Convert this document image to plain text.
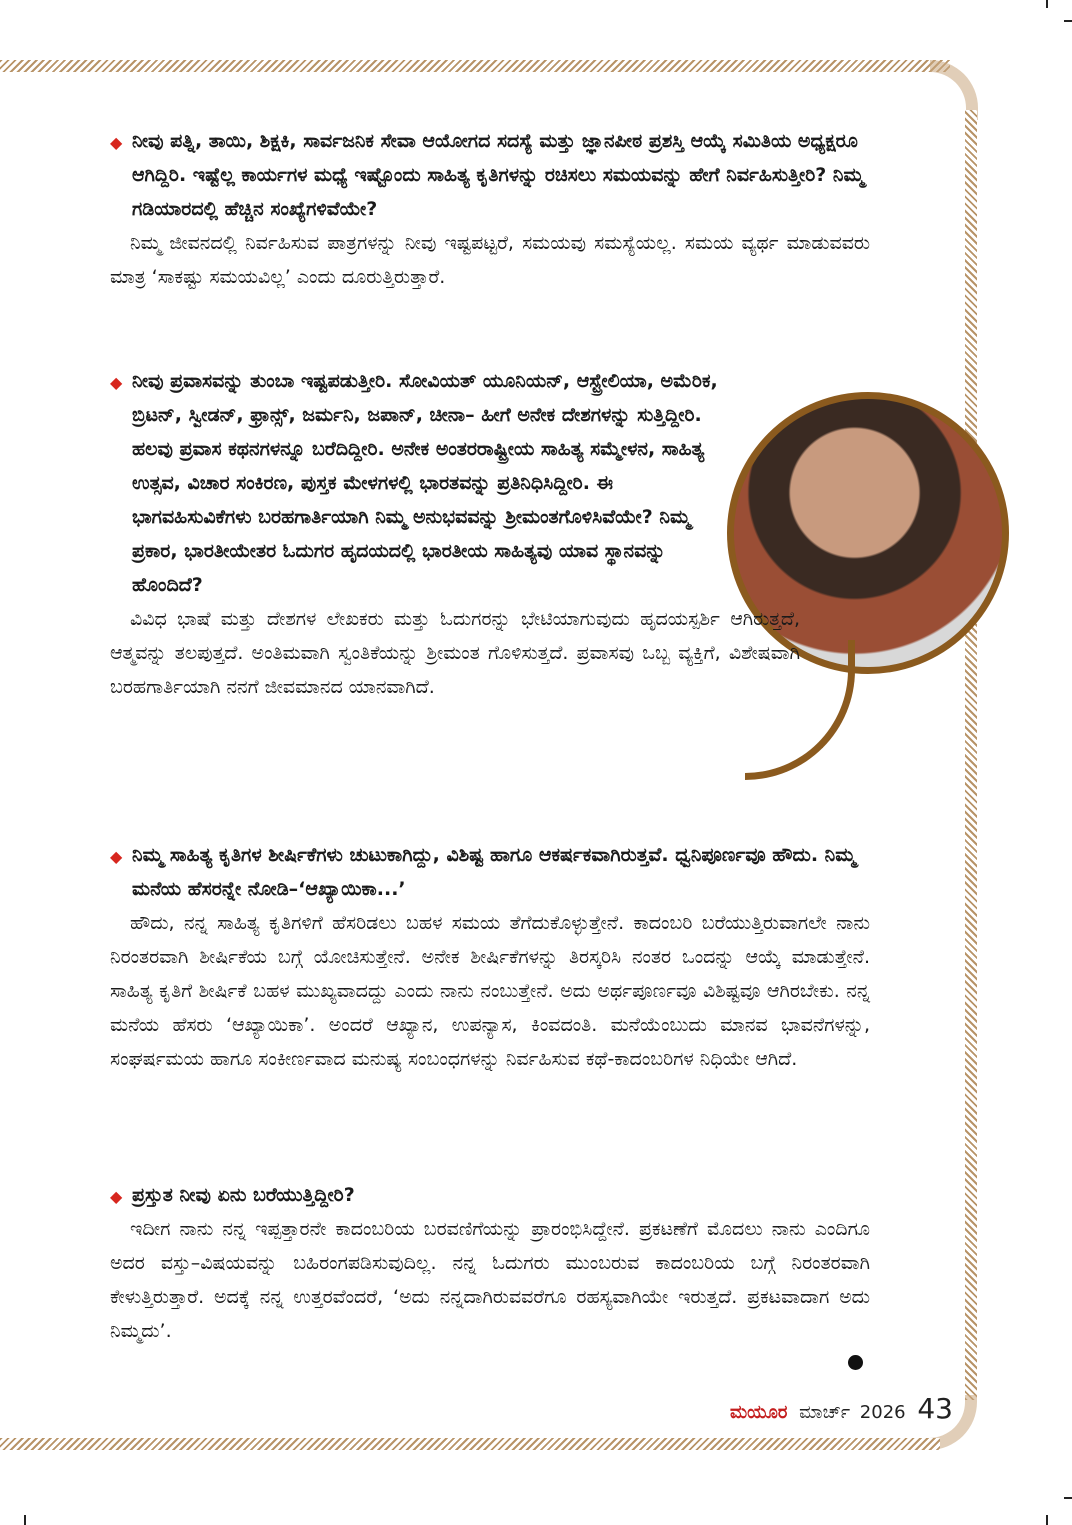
◆ ನೀವು ಪತ್ನಿ, ತಾಯಿ, ಶಿಕ್ಷಕಿ, ಸಾರ್ವಜನಿಕ ಸೇವಾ ಆಯೋಗದ ಸದಸ್ಯೆ ಮತ್ತು ಜ್ಞಾನಪೀಠ ಪ್ರಶಸ್ತಿ ಆಯ್ಕೆ ಸಮಿತಿಯ ಅಧ್ಯಕ್ಷರೂ ಆಗಿದ್ದಿರಿ. ಇಷ್ಟೆಲ್ಲ ಕಾರ್ಯಗಳ ಮಧ್ಯೆ ಇಷ್ಟೊಂದು ಸಾಹಿತ್ಯ ಕೃತಿಗಳನ್ನು ರಚಿಸಲು ಸಮಯವನ್ನು ಹೇಗೆ ನಿರ್ವಹಿಸುತ್ತೀರಿ? ನಿಮ್ಮ ಗಡಿಯಾರದಲ್ಲಿ ಹೆಚ್ಚಿನ ಸಂಖ್ಯೆಗಳಿವೆಯೇ?

ನಿಮ್ಮ ಜೀವನದಲ್ಲಿ ನಿರ್ವಹಿಸುವ ಪಾತ್ರಗಳನ್ನು ನೀವು ಇಷ್ಟಪಟ್ಟರೆ, ಸಮಯವು ಸಮಸ್ಯೆಯಲ್ಲ. ಸಮಯ ವ್ಯರ್ಥ ಮಾಡುವವರು ಮಾತ್ರ ‘ಸಾಕಷ್ಟು ಸಮಯವಿಲ್ಲ’ ಎಂದು ದೂರುತ್ತಿರುತ್ತಾರೆ.

◆ ನೀವು ಪ್ರವಾಸವನ್ನು ತುಂಬಾ ಇಷ್ಟಪಡುತ್ತೀರಿ. ಸೋವಿಯತ್ ಯೂನಿಯನ್, ಆಸ್ಟ್ರೇಲಿಯಾ, ಅಮೆರಿಕ, ಬ್ರಿಟನ್, ಸ್ವೀಡನ್, ಫ್ರಾನ್ಸ್, ಜರ್ಮನಿ, ಜಪಾನ್, ಚೀನಾ– ಹೀಗೆ ಅನೇಕ ದೇಶಗಳನ್ನು ಸುತ್ತಿದ್ದೀರಿ. ಹಲವು ಪ್ರವಾಸ ಕಥನಗಳನ್ನೂ ಬರೆದಿದ್ದೀರಿ. ಅನೇಕ ಅಂತರರಾಷ್ಟ್ರೀಯ ಸಾಹಿತ್ಯ ಸಮ್ಮೇಳನ, ಸಾಹಿತ್ಯ ಉತ್ಸವ, ವಿಚಾರ ಸಂಕಿರಣ, ಪುಸ್ತಕ ಮೇಳಗಳಲ್ಲಿ ಭಾರತವನ್ನು ಪ್ರತಿನಿಧಿಸಿದ್ದೀರಿ. ಈ ಭಾಗವಹಿಸುವಿಕೆಗಳು ಬರಹಗಾರ್ತಿಯಾಗಿ ನಿಮ್ಮ ಅನುಭವವನ್ನು ಶ್ರೀಮಂತಗೊಳಿಸಿವೆಯೇ? ನಿಮ್ಮ ಪ್ರಕಾರ, ಭಾರತೀಯೇತರ ಓದುಗರ ಹೃದಯದಲ್ಲಿ ಭಾರತೀಯ ಸಾಹಿತ್ಯವು ಯಾವ ಸ್ಥಾನವನ್ನು ಹೊಂದಿದೆ?

ವಿವಿಧ ಭಾಷೆ ಮತ್ತು ದೇಶಗಳ ಲೇಖಕರು ಮತ್ತು ಓದುಗರನ್ನು ಭೇಟಿಯಾಗುವುದು ಹೃದಯಸ್ಪರ್ಶಿ ಆಗಿರುತ್ತದೆ, ಆತ್ಮವನ್ನು ತಲಪುತ್ತದೆ. ಅಂತಿಮವಾಗಿ ಸ್ವಂತಿಕೆಯನ್ನು ಶ್ರೀಮಂತ ಗೊಳಿಸುತ್ತದೆ. ಪ್ರವಾಸವು ಒಬ್ಬ ವ್ಯಕ್ತಿಗೆ, ವಿಶೇಷವಾಗಿ ಬರಹಗಾರ್ತಿಯಾಗಿ ನನಗೆ ಜೀವಮಾನದ ಯಾನವಾಗಿದೆ.

◆ ನಿಮ್ಮ ಸಾಹಿತ್ಯ ಕೃತಿಗಳ ಶೀರ್ಷಿಕೆಗಳು ಚುಟುಕಾಗಿದ್ದು, ವಿಶಿಷ್ಟ ಹಾಗೂ ಆಕರ್ಷಕವಾಗಿರುತ್ತವೆ. ಧ್ವನಿಪೂರ್ಣವೂ ಹೌದು. ನಿಮ್ಮ ಮನೆಯ ಹೆಸರನ್ನೇ ನೋಡಿ–‘ಆಖ್ಯಾಯಿಕಾ...’

ಹೌದು, ನನ್ನ ಸಾಹಿತ್ಯ ಕೃತಿಗಳಿಗೆ ಹೆಸರಿಡಲು ಬಹಳ ಸಮಯ ತೆಗೆದುಕೊಳ್ಳುತ್ತೇನೆ. ಕಾದಂಬರಿ ಬರೆಯುತ್ತಿರುವಾಗಲೇ ನಾನು ನಿರಂತರವಾಗಿ ಶೀರ್ಷಿಕೆಯ ಬಗ್ಗೆ ಯೋಚಿಸುತ್ತೇನೆ. ಅನೇಕ ಶೀರ್ಷಿಕೆಗಳನ್ನು ತಿರಸ್ಕರಿಸಿ ನಂತರ ಒಂದನ್ನು ಆಯ್ಕೆ ಮಾಡುತ್ತೇನೆ. ಸಾಹಿತ್ಯ ಕೃತಿಗೆ ಶೀರ್ಷಿಕೆ ಬಹಳ ಮುಖ್ಯವಾದದ್ದು ಎಂದು ನಾನು ನಂಬುತ್ತೇನೆ. ಅದು ಅರ್ಥಪೂರ್ಣವೂ ವಿಶಿಷ್ಟವೂ ಆಗಿರಬೇಕು. ನನ್ನ ಮನೆಯ ಹೆಸರು ‘ಆಖ್ಯಾಯಿಕಾ’. ಅಂದರೆ ಆಖ್ಯಾನ, ಉಪನ್ಯಾಸ, ಕಿಂವದಂತಿ. ಮನೆಯೆಂಬುದು ಮಾನವ ಭಾವನೆಗಳನ್ನು, ಸಂಘರ್ಷಮಯ ಹಾಗೂ ಸಂಕೀರ್ಣವಾದ ಮನುಷ್ಯ ಸಂಬಂಧಗಳನ್ನು ನಿರ್ವಹಿಸುವ ಕಥೆ-ಕಾದಂಬರಿಗಳ ನಿಧಿಯೇ ಆಗಿದೆ.

◆ ಪ್ರಸ್ತುತ ನೀವು ಏನು ಬರೆಯುತ್ತಿದ್ದೀರಿ?

ಇದೀಗ ನಾನು ನನ್ನ ಇಪ್ಪತ್ತಾರನೇ ಕಾದಂಬರಿಯ ಬರವಣಿಗೆಯನ್ನು ಪ್ರಾರಂಭಿಸಿದ್ದೇನೆ. ಪ್ರಕಟಣೆಗೆ ಮೊದಲು ನಾನು ಎಂದಿಗೂ ಅದರ ವಸ್ತು–ವಿಷಯವನ್ನು ಬಹಿರಂಗಪಡಿಸುವುದಿಲ್ಲ. ನನ್ನ ಓದುಗರು ಮುಂಬರುವ ಕಾದಂಬರಿಯ ಬಗ್ಗೆ ನಿರಂತರವಾಗಿ ಕೇಳುತ್ತಿರುತ್ತಾರೆ. ಅದಕ್ಕೆ ನನ್ನ ಉತ್ತರವೆಂದರೆ, ‘ಅದು ನನ್ನದಾಗಿರುವವರೆಗೂ ರಹಸ್ಯವಾಗಿಯೇ ಇರುತ್ತದೆ. ಪ್ರಕಟವಾದಾಗ ಅದು ನಿಮ್ಮದು’.

ಮಯೂರ ಮಾರ್ಚ್ 2026 43
